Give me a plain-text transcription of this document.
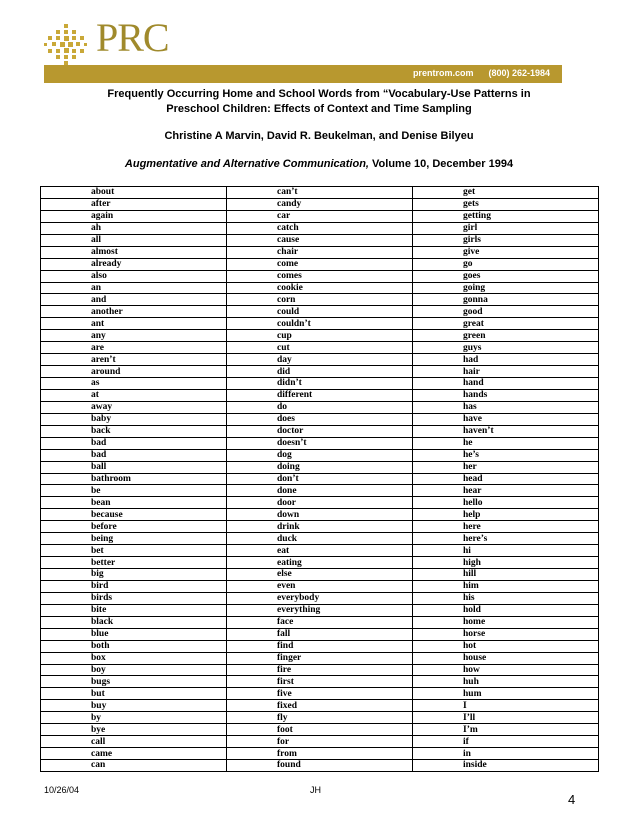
PRC
prentrom.com      (800) 262-1984
Frequently Occurring Home and School Words from “Vocabulary-Use Patterns in
Preschool Children: Effects of Context and Time Sampling
Christine A Marvin, David R. Beukelman, and Denise Bilyeu
Augmentative and Alternative Communication, Volume 10, December 1994
about	can’t	get
after	candy	gets
again	car	getting
ah	catch	girl
all	cause	girls
almost	chair	give
already	come	go
also	comes	goes
an	cookie	going
and	corn	gonna
another	could	good
ant	couldn’t	great
any	cup	green
are	cut	guys
aren’t	day	had
around	did	hair
as	didn’t	hand
at	different	hands
away	do	has
baby	does	have
back	doctor	haven’t
bad	doesn’t	he
bad	dog	he’s
ball	doing	her
bathroom	don’t	head
be	done	hear
bean	door	hello
because	down	help
before	drink	here
being	duck	here’s
bet	eat	hi
better	eating	high
big	else	hill
bird	even	him
birds	everybody	his
bite	everything	hold
black	face	home
blue	fall	horse
both	find	hot
box	finger	house
boy	fire	how
bugs	first	huh
but	five	hum
buy	fixed	I
by	fly	I’ll
bye	foot	I’m
call	for	if
came	from	in
can	found	inside
10/26/04	JH
4
